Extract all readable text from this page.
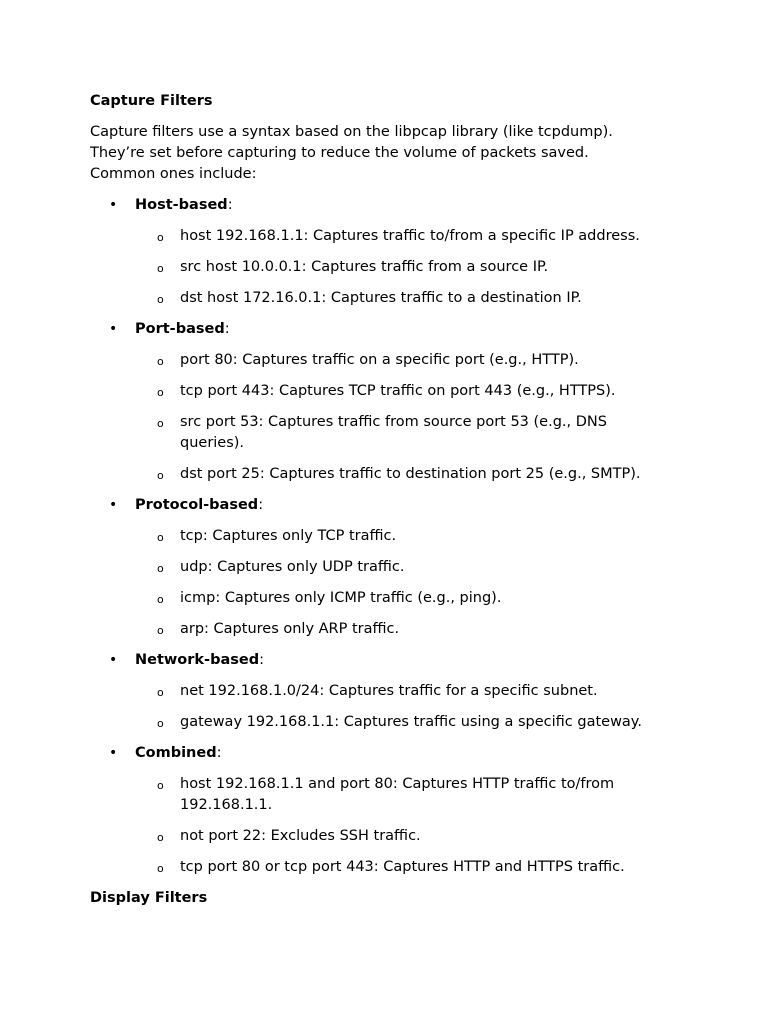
Capture Filters
Capture filters use a syntax based on the libpcap library (like tcpdump).
They’re set before capturing to reduce the volume of packets saved.
Common ones include:
• Host-based:
o host 192.168.1.1: Captures traffic to/from a specific IP address.
o src host 10.0.0.1: Captures traffic from a source IP.
o dst host 172.16.0.1: Captures traffic to a destination IP.
• Port-based:
o port 80: Captures traffic on a specific port (e.g., HTTP).
o tcp port 443: Captures TCP traffic on port 443 (e.g., HTTPS).
o src port 53: Captures traffic from source port 53 (e.g., DNS
queries).
o dst port 25: Captures traffic to destination port 25 (e.g., SMTP).
• Protocol-based:
o tcp: Captures only TCP traffic.
o udp: Captures only UDP traffic.
o icmp: Captures only ICMP traffic (e.g., ping).
o arp: Captures only ARP traffic.
• Network-based:
o net 192.168.1.0/24: Captures traffic for a specific subnet.
o gateway 192.168.1.1: Captures traffic using a specific gateway.
• Combined:
o host 192.168.1.1 and port 80: Captures HTTP traffic to/from
192.168.1.1.
o not port 22: Excludes SSH traffic.
o tcp port 80 or tcp port 443: Captures HTTP and HTTPS traffic.
Display Filters
